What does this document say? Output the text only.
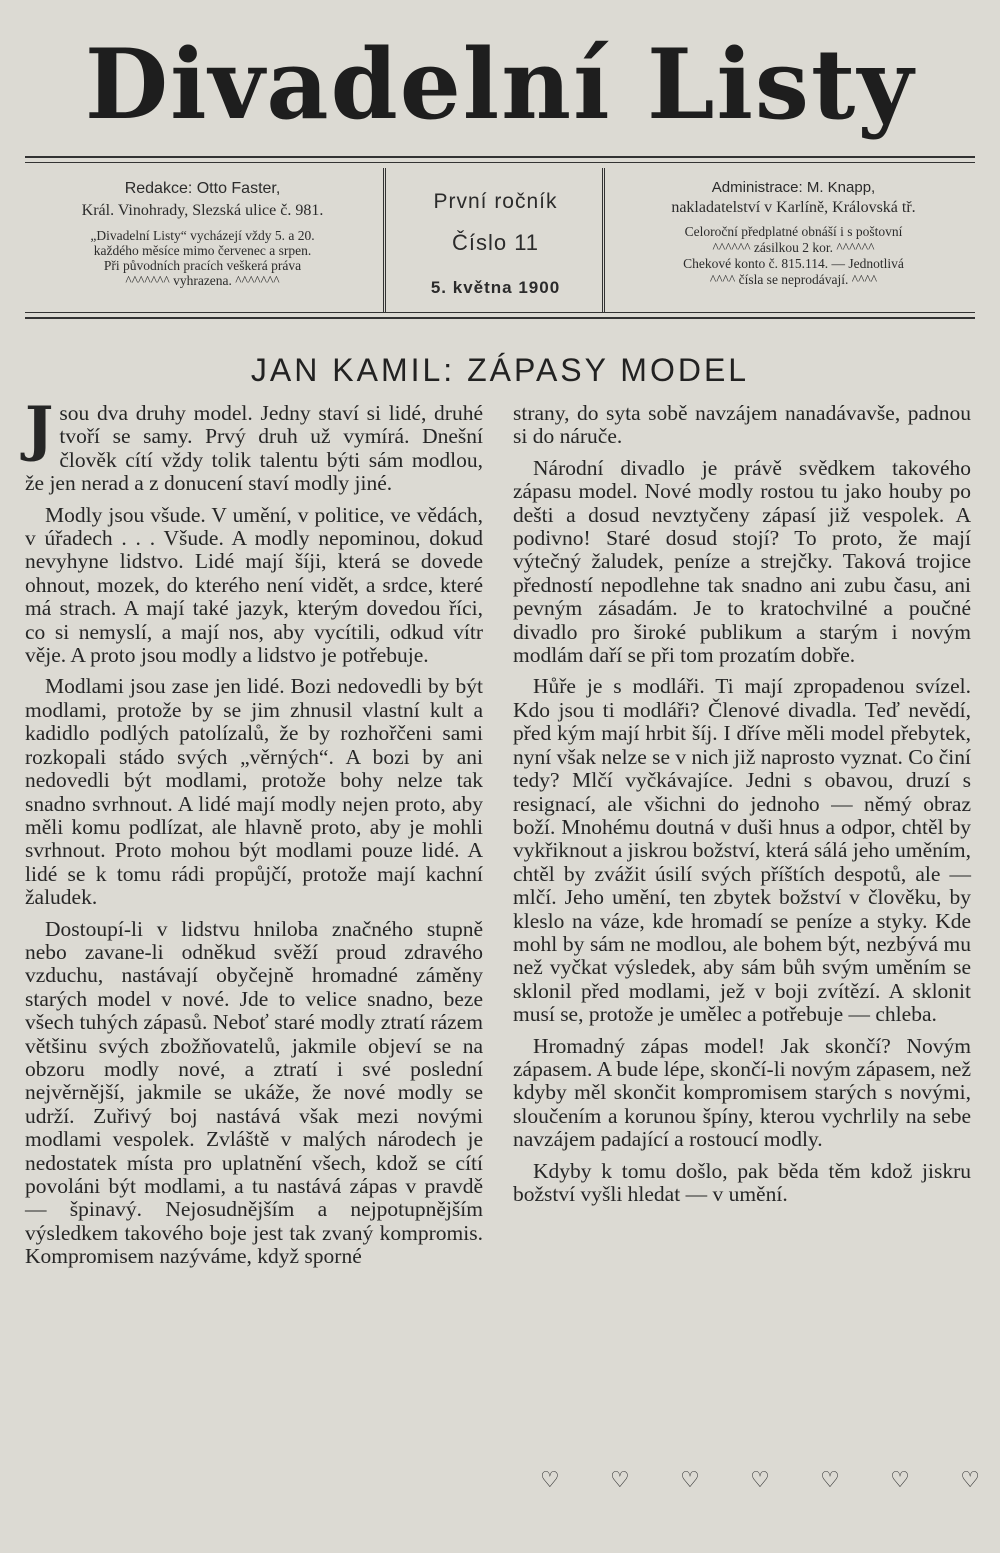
Divadelní Listy
Redakce: Otto Faster,
Král. Vinohrady, Slezská ulice č. 981.
„Divadelní Listy“ vycházejí vždy 5. a 20.
každého měsíce mimo červenec a srpen.
Při původních pracích veškerá práva
^^^^^^^ vyhrazena. ^^^^^^^
První ročník
Číslo 11
5. května 1900
Administrace: M. Knapp,
nakladatelství v Karlíně, Královská tř.
Celoroční předplatné obnáší i s poštovní
^^^^^^ zásilkou 2 kor. ^^^^^^
Chekové konto č. 815.114. — Jednotlivá
^^^^ čísla se neprodávají. ^^^^
JAN KAMIL: ZÁPASY MODEL

Jsou dva druhy model. Jedny staví si lidé, druhé tvoří se samy. Prvý druh už vymírá. Dnešní člověk cítí vždy tolik talentu býti sám modlou, že jen nerad a z donucení staví modly jiné.

Modly jsou všude. V umění, v politice, ve vědách, v úřadech . . . Všude. A modly nepominou, dokud nevyhyne lidstvo. Lidé mají šíji, která se dovede ohnout, mozek, do kterého není vidět, a srdce, které má strach. A mají také jazyk, kterým dovedou říci, co si nemyslí, a mají nos, aby vycítili, odkud vítr věje. A proto jsou modly a lidstvo je potřebuje.

Modlami jsou zase jen lidé. Bozi nedovedli by být modlami, protože by se jim zhnusil vlastní kult a kadidlo podlých patolízalů, že by rozhořčeni sami rozkopali stádo svých „věrných“. A bozi by ani nedovedli být modlami, protože bohy nelze tak snadno svrhnout. A lidé mají modly nejen proto, aby měli komu podlízat, ale hlavně proto, aby je mohli svrhnout. Proto mohou být modlami pouze lidé. A lidé se k tomu rádi propůjčí, protože mají kachní žaludek.

Dostoupí-li v lidstvu hniloba značného stupně nebo zavane-li odněkud svěží proud zdravého vzduchu, nastávají obyčejně hromadné záměny starých model v nové. Jde to velice snadno, beze všech tuhých zápasů. Neboť staré modly ztratí rázem většinu svých zbožňovatelů, jakmile objeví se na obzoru modly nové, a ztratí i své poslední nejvěrnější, jakmile se ukáže, že nové modly se udrží. Zuřivý boj nastává však mezi novými modlami vespolek. Zvláště v malých národech je nedostatek místa pro uplatnění všech, kdož se cítí povoláni být modlami, a tu nastává zápas v pravdě — špinavý. Nejosudnějším a nejpotupnějším výsledkem takového boje jest tak zvaný kompromis. Kompromisem nazýváme, když sporné

strany, do syta sobě navzájem nanadávavše, padnou si do náruče.

Národní divadlo je právě svědkem takového zápasu model. Nové modly rostou tu jako houby po dešti a dosud nevztyčeny zápasí již vespolek. A podivno! Staré dosud stojí? To proto, že mají výtečný žaludek, peníze a strejčky. Taková trojice předností nepodlehne tak snadno ani zubu času, ani pevným zásadám. Je to kratochvilné a poučné divadlo pro široké publikum a starým i novým modlám daří se při tom prozatím dobře.

Hůře je s modláři. Ti mají zpropadenou svízel. Kdo jsou ti modláři? Členové divadla. Teď nevědí, před kým mají hrbit šíj. I dříve měli model přebytek, nyní však nelze se v nich již naprosto vyznat. Co činí tedy? Mlčí vyčkávajíce. Jedni s obavou, druzí s resignací, ale všichni do jednoho — němý obraz boží. Mnohému doutná v duši hnus a odpor, chtěl by vykřiknout a jiskrou božství, která sálá jeho uměním, chtěl by zvážit úsilí svých příštích despotů, ale — mlčí. Jeho umění, ten zbytek božství v člověku, by kleslo na váze, kde hromadí se peníze a styky. Kde mohl by sám ne modlou, ale bohem být, nezbývá mu než vyčkat výsledek, aby sám bůh svým uměním se sklonil před modlami, jež v boji zvítězí. A sklonit musí se, protože je umělec a potřebuje — chleba.

Hromadný zápas model! Jak skončí? Novým zápasem. A bude lépe, skončí-li novým zápasem, než kdyby měl skončit kompromisem starých s novými, sloučením a korunou špíny, kterou vychrlily na sebe navzájem padající a rostoucí modly.

Kdyby k tomu došlo, pak běda těm kdož jiskru božství vyšli hledat — v umění.

♡ ♡ ♡ ♡ ♡ ♡ ♡
